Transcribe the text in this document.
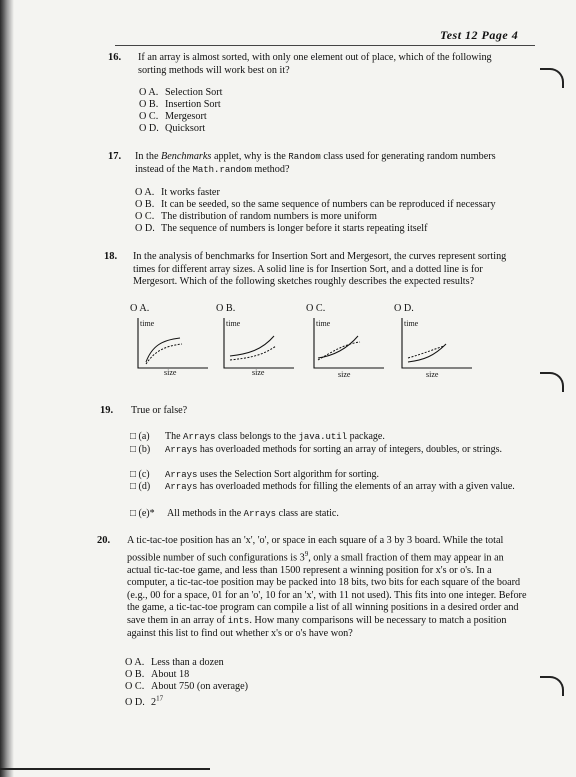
Test 12 Page 4
16. If an array is almost sorted, with only one element out of place, which of the following sorting methods will work best on it?
O A. Selection Sort
O B. Insertion Sort
O C. Mergesort
O D. Quicksort
17. In the Benchmarks applet, why is the Random class used for generating random numbers instead of the Math.random method?
O A. It works faster
O B. It can be seeded, so the same sequence of numbers can be reproduced if necessary
O C. The distribution of random numbers is more uniform
O D. The sequence of numbers is longer before it starts repeating itself
18. In the analysis of benchmarks for Insertion Sort and Mergesort, the curves represent sorting times for different array sizes. A solid line is for Insertion Sort, and a dotted line is for Mergesort. Which of the following sketches roughly describes the expected results?
O A.	O B.	O C.	O D.
time
size
time
size
time
size
time
size
19. True or false?
□ (a) The Arrays class belongs to the java.util package.
□ (b) Arrays has overloaded methods for sorting an array of integers, doubles, or strings.
□ (c) Arrays uses the Selection Sort algorithm for sorting.
□ (d) Arrays has overloaded methods for filling the elements of an array with a given value.
□ (e)* All methods in the Arrays class are static.
20. A tic-tac-toe position has an 'x', 'o', or space in each square of a 3 by 3 board. While the total possible number of such configurations is $3^9$, only a small fraction of them may appear in an actual tic-tac-toe game, and less than 1500 represent a winning position for x's or o's. In a computer, a tic-tac-toe position may be packed into 18 bits, two bits for each square of the board (e.g., 00 for a space, 01 for an 'o', 10 for an 'x', with 11 not used). This fits into one integer. Before the game, a tic-tac-toe program can compile a list of all winning positions in a desired order and save them in an array of ints. How many comparisons will be necessary to match a position against this list to find out whether x's or o's have won?
O A. Less than a dozen
O B. About 18
O C. About 750 (on average)
O D. $2^{17}$
